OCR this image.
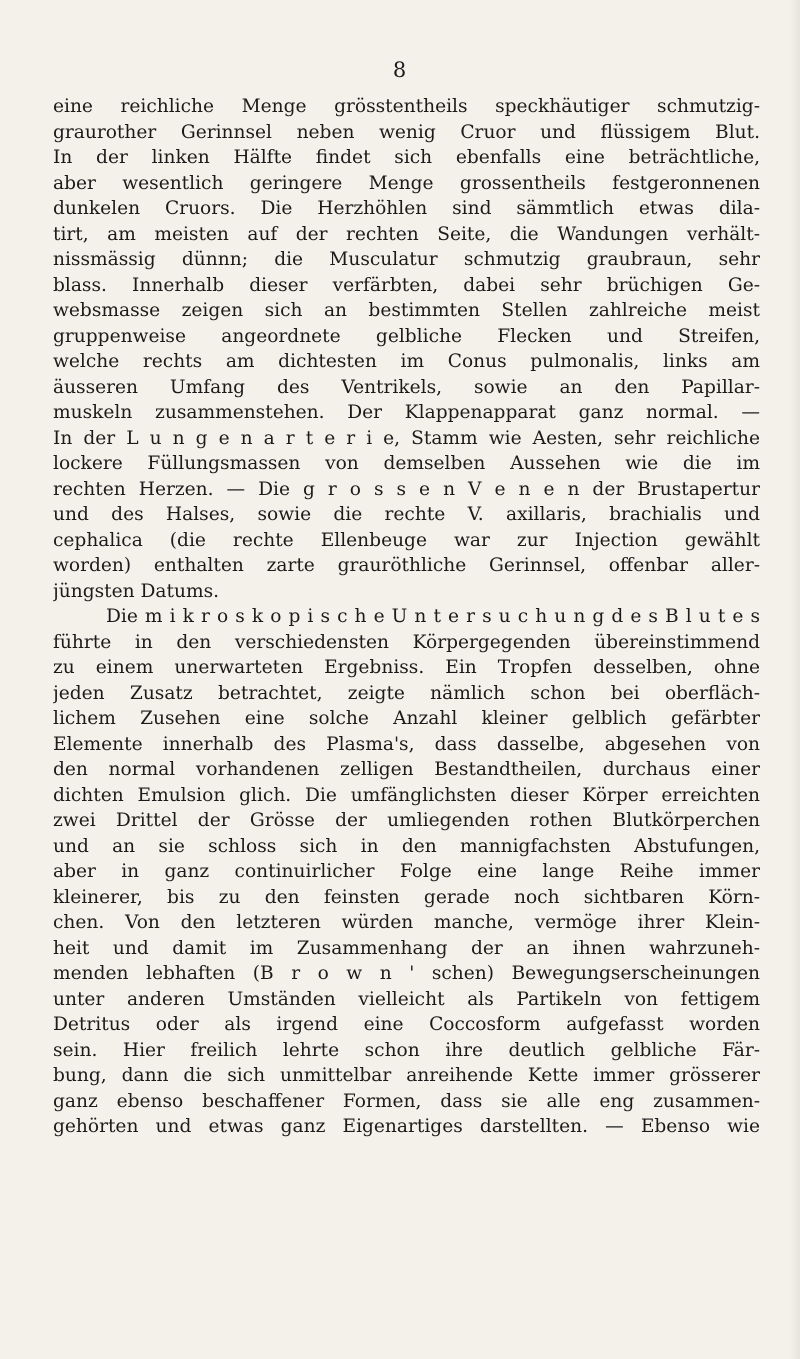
8
eine reichliche Menge grösstentheils speckhäutiger schmutzig-
graurother Gerinnsel neben wenig Cruor und flüssigem Blut.
In der linken Hälfte findet sich ebenfalls eine beträchtliche,
aber wesentlich geringere Menge grossentheils festgeronnenen
dunkelen Cruors. Die Herzhöhlen sind sämmtlich etwas dila-
tirt, am meisten auf der rechten Seite, die Wandungen verhält-
nissmässig dünnn; die Musculatur schmutzig graubraun, sehr
blass. Innerhalb dieser verfärbten, dabei sehr brüchigen Ge-
websmasse zeigen sich an bestimmten Stellen zahlreiche meist
gruppenweise angeordnete gelbliche Flecken und Streifen,
welche rechts am dichtesten im Conus pulmonalis, links am
äusseren Umfang des Ventrikels, sowie an den Papillar-
muskeln zusammenstehen. Der Klappenapparat ganz normal. —
In der L u n g e n a r t e r i e, Stamm wie Aesten, sehr reichliche
lockere Füllungsmassen von demselben Aussehen wie die im
rechten Herzen. — Die g r o s s e n V e n e n der Brustapertur
und des Halses, sowie die rechte V. axillaris, brachialis und
cephalica (die rechte Ellenbeuge war zur Injection gewählt
worden) enthalten zarte grauröthliche Gerinnsel, offenbar aller-
jüngsten Datums.
Die m i k r o s k o p i s c h e U n t e r s u c h u n g d e s B l u t e s
führte in den verschiedensten Körpergegenden übereinstimmend
zu einem unerwarteten Ergebniss. Ein Tropfen desselben, ohne
jeden Zusatz betrachtet, zeigte nämlich schon bei oberfläch-
lichem Zusehen eine solche Anzahl kleiner gelblich gefärbter
Elemente innerhalb des Plasma's, dass dasselbe, abgesehen von
den normal vorhandenen zelligen Bestandtheilen, durchaus einer
dichten Emulsion glich. Die umfänglichsten dieser Körper erreichten
zwei Drittel der Grösse der umliegenden rothen Blutkörperchen
und an sie schloss sich in den mannigfachsten Abstufungen,
aber in ganz continuirlicher Folge eine lange Reihe immer
kleinerer, bis zu den feinsten gerade noch sichtbaren Körn-
chen. Von den letzteren würden manche, vermöge ihrer Klein-
heit und damit im Zusammenhang der an ihnen wahrzuneh-
menden lebhaften (B r o w n ' schen) Bewegungserscheinungen
unter anderen Umständen vielleicht als Partikeln von fettigem
Detritus oder als irgend eine Coccosform aufgefasst worden
sein. Hier freilich lehrte schon ihre deutlich gelbliche Fär-
bung, dann die sich unmittelbar anreihende Kette immer grösserer
ganz ebenso beschaffener Formen, dass sie alle eng zusammen-
gehörten und etwas ganz Eigenartiges darstellten. — Ebenso wie
